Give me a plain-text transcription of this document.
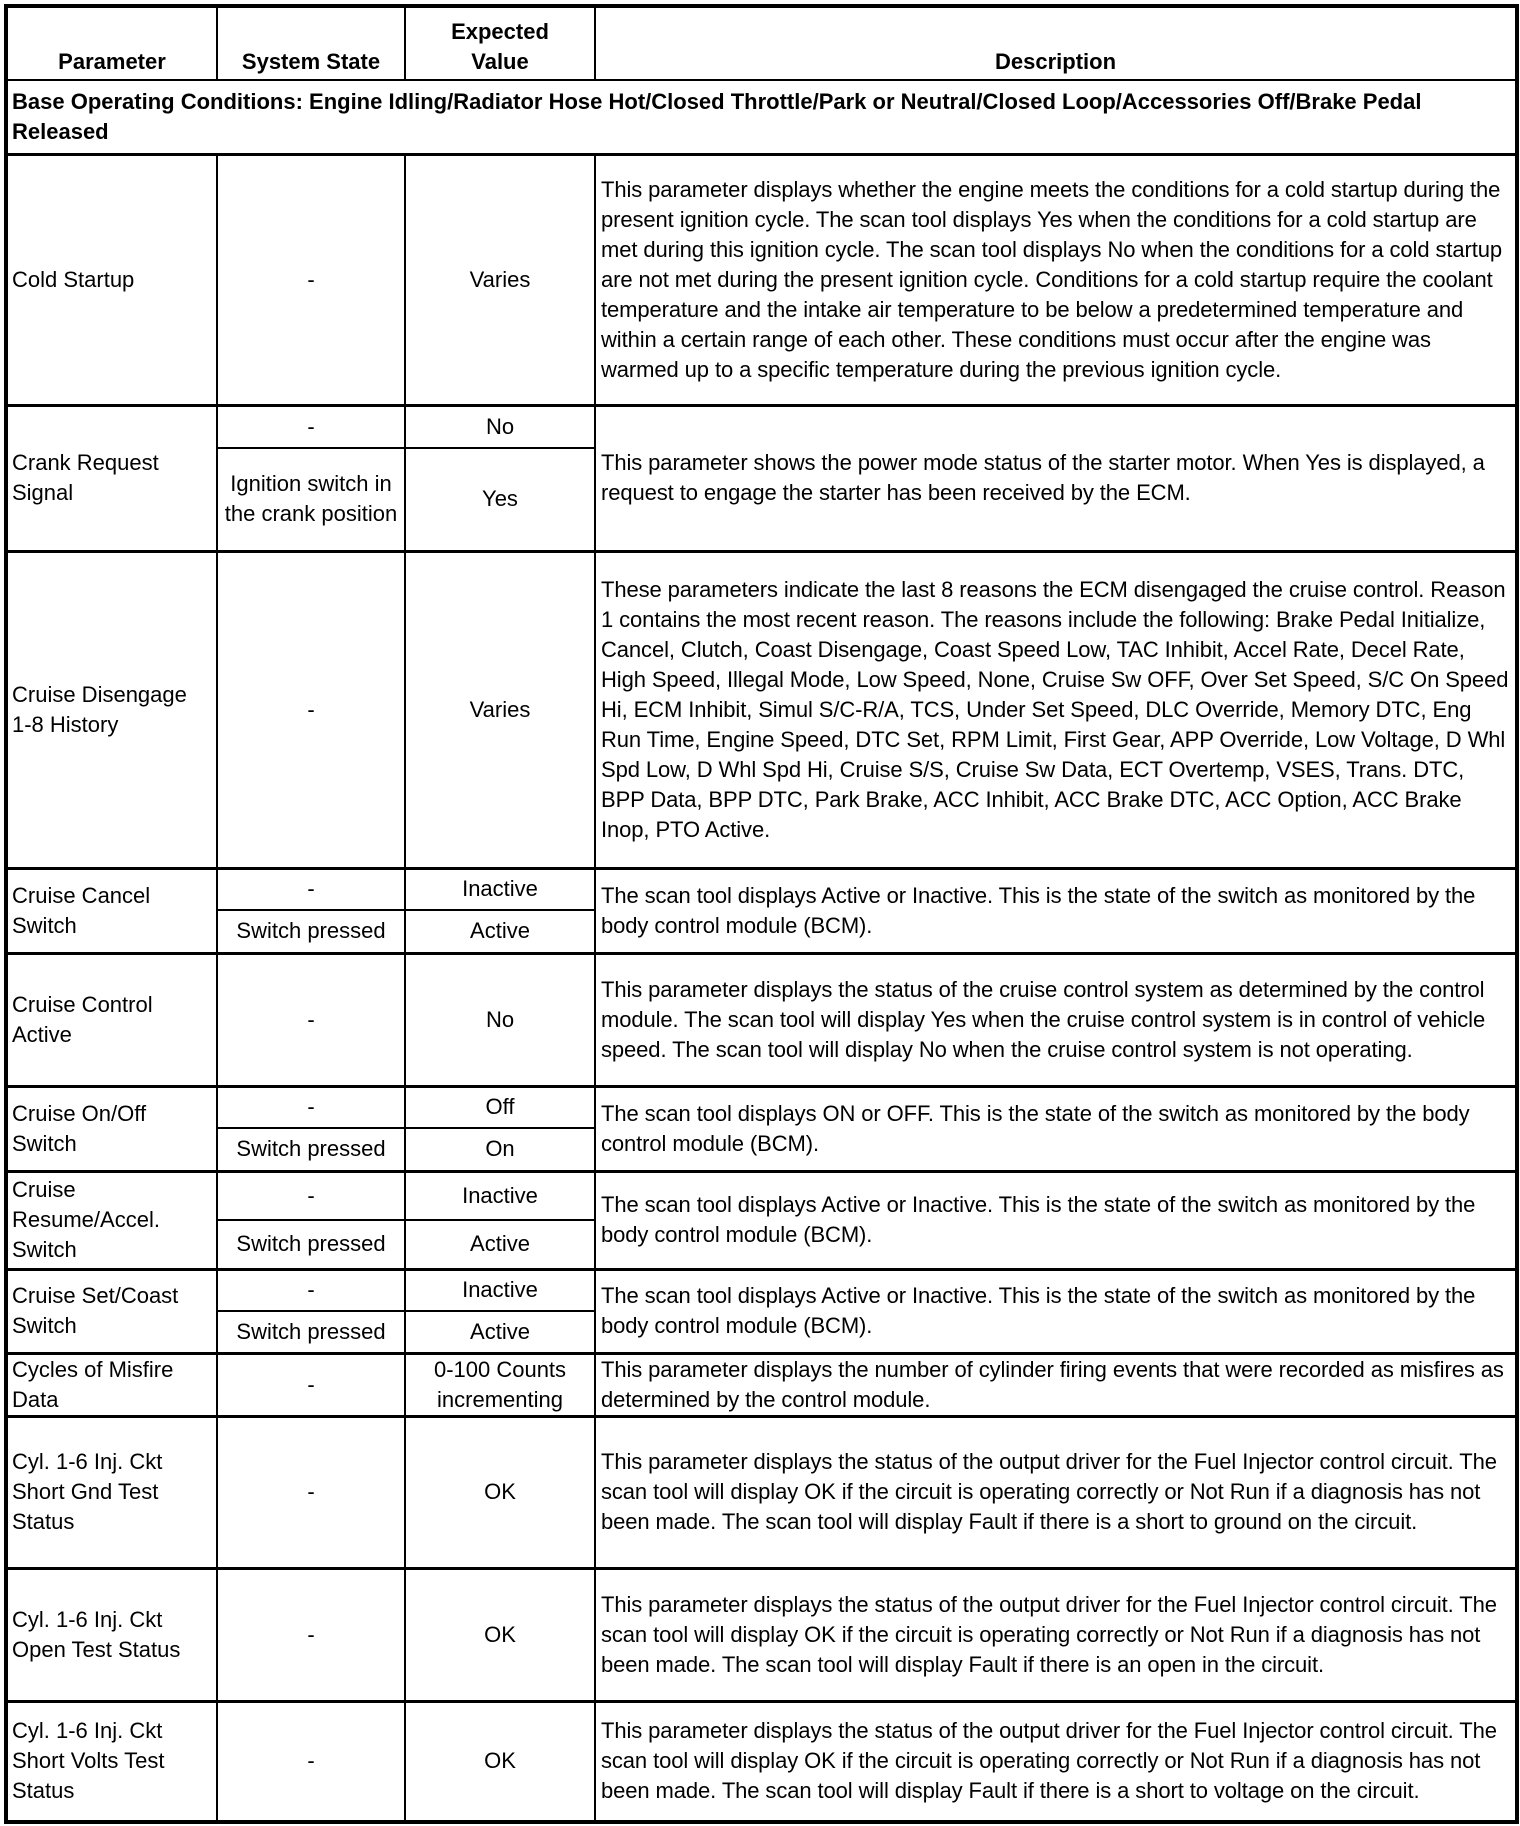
Parameter	System State	Expected Value	Description
Base Operating Conditions: Engine Idling/Radiator Hose Hot/Closed Throttle/Park or Neutral/Closed Loop/Accessories Off/Brake Pedal Released			
Cold Startup	-	Varies	This parameter displays whether the engine meets the conditions for a cold startup during the present ignition cycle. The scan tool displays Yes when the conditions for a cold startup are met during this ignition cycle. The scan tool displays No when the conditions for a cold startup are not met during the present ignition cycle. Conditions for a cold startup require the coolant temperature and the intake air temperature to be below a predetermined temperature and within a certain range of each other. These conditions must occur after the engine was warmed up to a specific temperature during the previous ignition cycle.
Crank Request Signal	-	No	This parameter shows the power mode status of the starter motor. When Yes is displayed, a request to engage the starter has been received by the ECM.
	Ignition switch in the crank position	Yes	
Cruise Disengage 1-8 History	-	Varies	These parameters indicate the last 8 reasons the ECM disengaged the cruise control. Reason 1 contains the most recent reason. The reasons include the following: Brake Pedal Initialize, Cancel, Clutch, Coast Disengage, Coast Speed Low, TAC Inhibit, Accel Rate, Decel Rate, High Speed, Illegal Mode, Low Speed, None, Cruise Sw OFF, Over Set Speed, S/C On Speed Hi, ECM Inhibit, Simul S/C-R/A, TCS, Under Set Speed, DLC Override, Memory DTC, Eng Run Time, Engine Speed, DTC Set, RPM Limit, First Gear, APP Override, Low Voltage, D Whl Spd Low, D Whl Spd Hi, Cruise S/S, Cruise Sw Data, ECT Overtemp, VSES, Trans. DTC, BPP Data, BPP DTC, Park Brake, ACC Inhibit, ACC Brake DTC, ACC Option, ACC Brake Inop, PTO Active.
Cruise Cancel Switch	-	Inactive	The scan tool displays Active or Inactive. This is the state of the switch as monitored by the body control module (BCM).
	Switch pressed	Active	
Cruise Control Active	-	No	This parameter displays the status of the cruise control system as determined by the control module. The scan tool will display Yes when the cruise control system is in control of vehicle speed. The scan tool will display No when the cruise control system is not operating.
Cruise On/Off Switch	-	Off	The scan tool displays ON or OFF. This is the state of the switch as monitored by the body control module (BCM).
	Switch pressed	On	
Cruise Resume/Accel. Switch	-	Inactive	The scan tool displays Active or Inactive. This is the state of the switch as monitored by the body control module (BCM).
	Switch pressed	Active	
Cruise Set/Coast Switch	-	Inactive	The scan tool displays Active or Inactive. This is the state of the switch as monitored by the body control module (BCM).
	Switch pressed	Active	
Cycles of Misfire Data	-	0-100 Counts incrementing	This parameter displays the number of cylinder firing events that were recorded as misfires as determined by the control module.
Cyl. 1-6 Inj. Ckt Short Gnd Test Status	-	OK	This parameter displays the status of the output driver for the Fuel Injector control circuit. The scan tool will display OK if the circuit is operating correctly or Not Run if a diagnosis has not been made. The scan tool will display Fault if there is a short to ground on the circuit.
Cyl. 1-6 Inj. Ckt Open Test Status	-	OK	This parameter displays the status of the output driver for the Fuel Injector control circuit. The scan tool will display OK if the circuit is operating correctly or Not Run if a diagnosis has not been made. The scan tool will display Fault if there is an open in the circuit.
Cyl. 1-6 Inj. Ckt Short Volts Test Status	-	OK	This parameter displays the status of the output driver for the Fuel Injector control circuit. The scan tool will display OK if the circuit is operating correctly or Not Run if a diagnosis has not been made. The scan tool will display Fault if there is a short to voltage on the circuit.
